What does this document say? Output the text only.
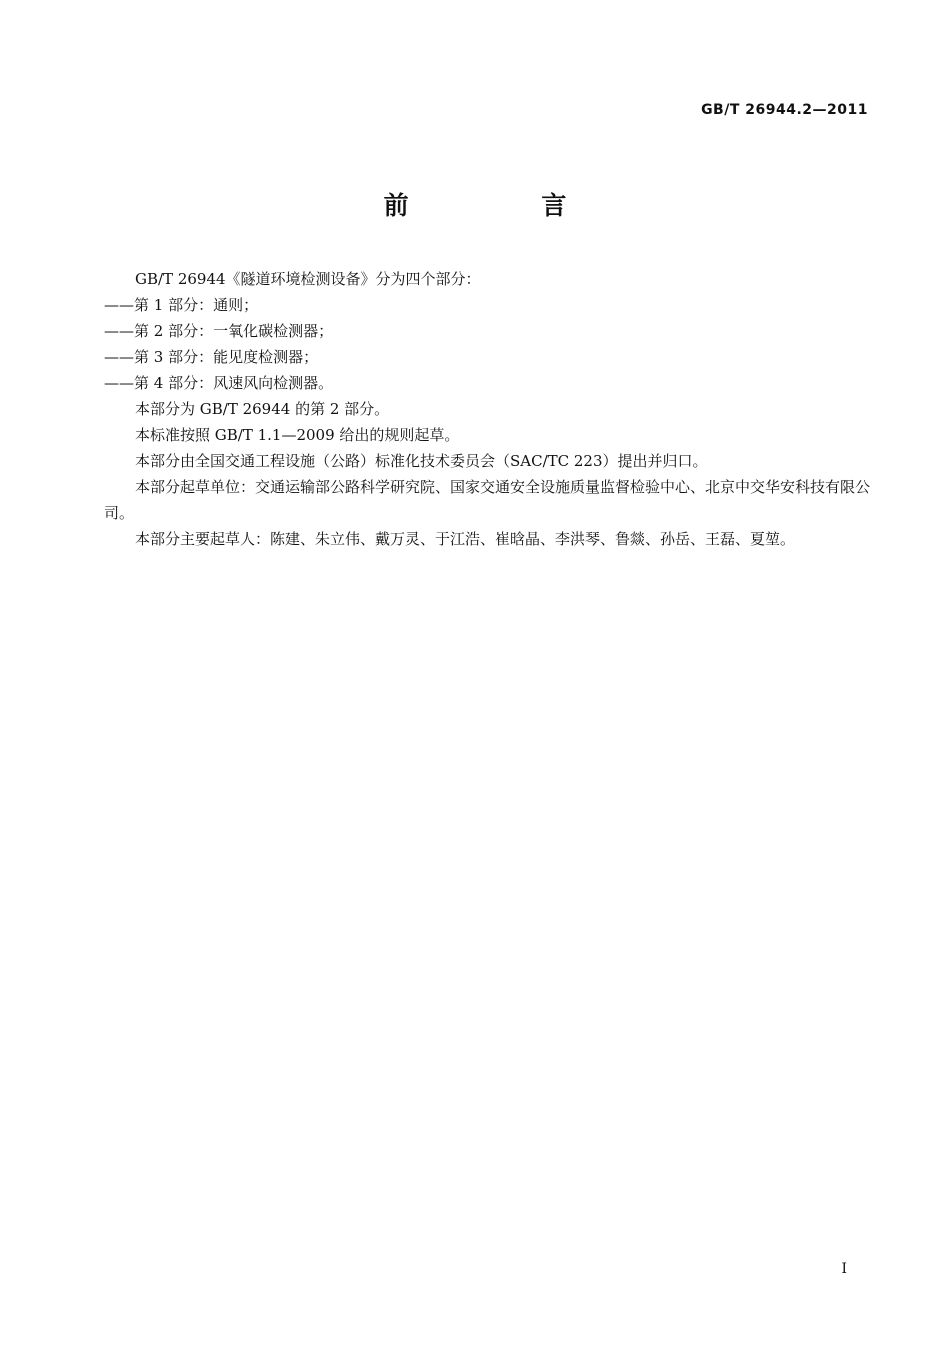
GB/T 26944.2—2011
前 言

GB/T 26944《隧道环境检测设备》分为四个部分：

——第 1 部分：通则；

——第 2 部分：一氧化碳检测器；

——第 3 部分：能见度检测器；

——第 4 部分：风速风向检测器。

本部分为 GB/T 26944 的第 2 部分。

本标准按照 GB/T 1.1—2009 给出的规则起草。

本部分由全国交通工程设施（公路）标准化技术委员会（SAC/TC 223）提出并归口。

本部分起草单位：交通运输部公路科学研究院、国家交通安全设施质量监督检验中心、北京中交华安科技有限公司。

本部分主要起草人：陈建、朱立伟、戴万灵、于江浩、崔晗晶、李洪琴、鲁燚、孙岳、王磊、夏堃。

I
